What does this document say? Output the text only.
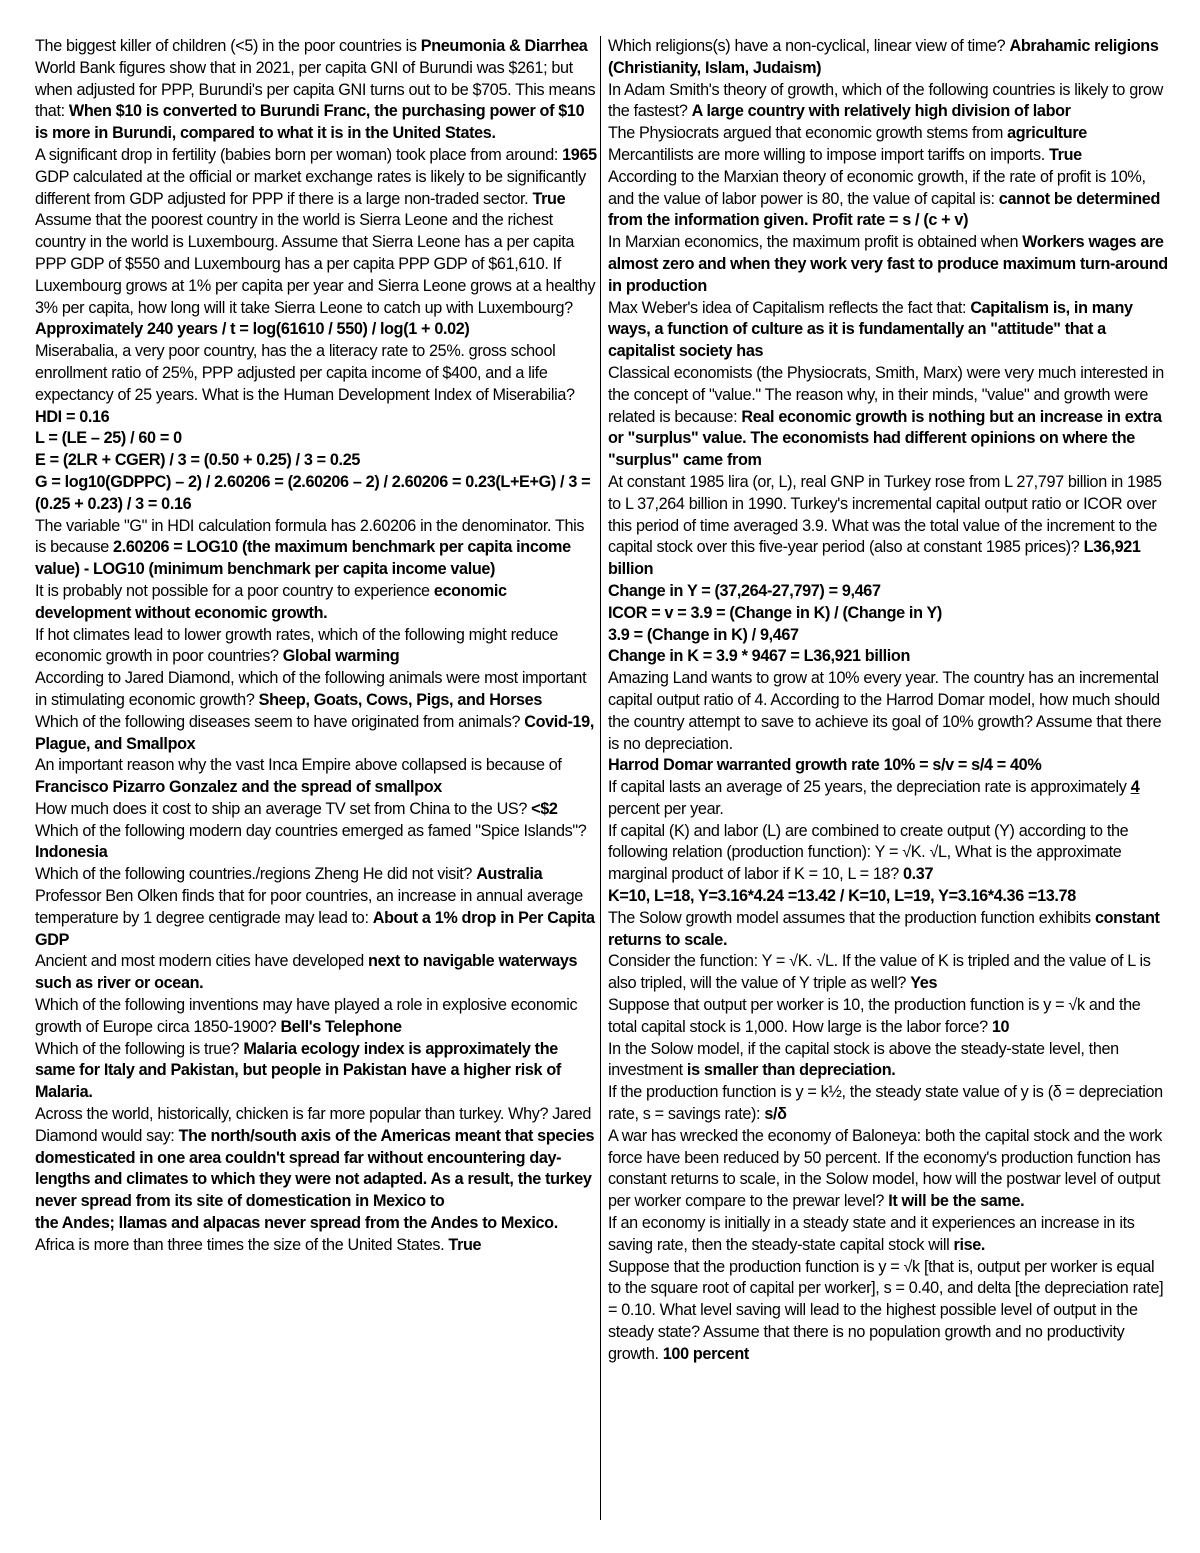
The biggest killer of children (<5) in the poor countries is Pneumonia & Diarrhea

World Bank figures show that in 2021, per capita GNI of Burundi was $261; but when adjusted for PPP, Burundi's per capita GNI turns out to be $705. This means that: When $10 is converted to Burundi Franc, the purchasing power of $10 is more in Burundi, compared to what it is in the United States.

A significant drop in fertility (babies born per woman) took place from around: 1965

GDP calculated at the official or market exchange rates is likely to be significantly different from GDP adjusted for PPP if there is a large non-traded sector. True

Assume that the poorest country in the world is Sierra Leone and the richest country in the world is Luxembourg. Assume that Sierra Leone has a per capita PPP GDP of $550 and Luxembourg has a per capita PPP GDP of $61,610. If Luxembourg grows at 1% per capita per year and Sierra Leone grows at a healthy 3% per capita, how long will it take Sierra Leone to catch up with Luxembourg? Approximately 240 years / t = log(61610 / 550) / log(1 + 0.02)

Miserabalia, a very poor country, has the a literacy rate to 25%. gross school enrollment ratio of 25%, PPP adjusted per capita income of $400, and a life expectancy of 25 years. What is the Human Development Index of Miserabilia? HDI = 0.16

L = (LE – 25) / 60 = 0

E = (2LR + CGER) / 3 = (0.50 + 0.25) / 3 = 0.25

G = log10(GDPPC) – 2) / 2.60206 = (2.60206 – 2) / 2.60206 = 0.23(L+E+G) / 3 = (0.25 + 0.23) / 3 = 0.16

The variable "G" in HDI calculation formula has 2.60206 in the denominator. This is because 2.60206 = LOG10 (the maximum benchmark per capita income value) - LOG10 (minimum benchmark per capita income value)

It is probably not possible for a poor country to experience economic development without economic growth.

If hot climates lead to lower growth rates, which of the following might reduce economic growth in poor countries? Global warming

According to Jared Diamond, which of the following animals were most important in stimulating economic growth? Sheep, Goats, Cows, Pigs, and Horses

Which of the following diseases seem to have originated from animals? Covid-19, Plague, and Smallpox

An important reason why the vast Inca Empire above collapsed is because of Francisco Pizarro Gonzalez and the spread of smallpox

How much does it cost to ship an average TV set from China to the US? <$2

Which of the following modern day countries emerged as famed "Spice Islands"? Indonesia

Which of the following countries./regions Zheng He did not visit? Australia

Professor Ben Olken finds that for poor countries, an increase in annual average temperature by 1 degree centigrade may lead to: About a 1% drop in Per Capita GDP

Ancient and most modern cities have developed next to navigable waterways such as river or ocean.

Which of the following inventions may have played a role in explosive economic growth of Europe circa 1850-1900? Bell's Telephone

Which of the following is true? Malaria ecology index is approximately the same for Italy and Pakistan, but people in Pakistan have a higher risk of Malaria.

Across the world, historically, chicken is far more popular than turkey. Why? Jared Diamond would say: The north/south axis of the Americas meant that species domesticated in one area couldn't spread far without encountering day-lengths and climates to which they were not adapted. As a result, the turkey never spread from its site of domestication in Mexico to

the Andes; llamas and alpacas never spread from the Andes to Mexico.

Africa is more than three times the size of the United States. True

Which religions(s) have a non-cyclical, linear view of time? Abrahamic religions (Christianity, Islam, Judaism)

In Adam Smith's theory of growth, which of the following countries is likely to grow the fastest? A large country with relatively high division of labor

The Physiocrats argued that economic growth stems from agriculture

Mercantilists are more willing to impose import tariffs on imports. True

According to the Marxian theory of economic growth, if the rate of profit is 10%, and the value of labor power is 80, the value of capital is: cannot be determined from the information given. Profit rate = s / (c + v)

In Marxian economics, the maximum profit is obtained when Workers wages are almost zero and when they work very fast to produce maximum turn-around in production

Max Weber's idea of Capitalism reflects the fact that: Capitalism is, in many ways, a function of culture as it is fundamentally an "attitude" that a capitalist society has

Classical economists (the Physiocrats, Smith, Marx) were very much interested in the concept of "value." The reason why, in their minds, "value" and growth were related is because: Real economic growth is nothing but an increase in extra or "surplus" value. The economists had different opinions on where the "surplus" came from

At constant 1985 lira (or, L), real GNP in Turkey rose from L 27,797 billion in 1985 to L 37,264 billion in 1990. Turkey's incremental capital output ratio or ICOR over this period of time averaged 3.9. What was the total value of the increment to the capital stock over this five-year period (also at constant 1985 prices)? L36,921 billion

Change in Y = (37,264-27,797) = 9,467

ICOR = v = 3.9 = (Change in K) / (Change in Y)

3.9 = (Change in K) / 9,467

Change in K = 3.9 * 9467 = L36,921 billion

Amazing Land wants to grow at 10% every year. The country has an incremental capital output ratio of 4. According to the Harrod Domar model, how much should the country attempt to save to achieve its goal of 10% growth? Assume that there is no depreciation.

Harrod Domar warranted growth rate 10% = s/v = s/4 = 40%

If capital lasts an average of 25 years, the depreciation rate is approximately 4 percent per year.

If capital (K) and labor (L) are combined to create output (Y) according to the following relation (production function): Y = √K. √L, What is the approximate marginal product of labor if K = 10, L = 18? 0.37

K=10, L=18, Y=3.16*4.24 =13.42 / K=10, L=19, Y=3.16*4.36 =13.78

The Solow growth model assumes that the production function exhibits constant returns to scale.

Consider the function: Y = √K. √L. If the value of K is tripled and the value of L is also tripled, will the value of Y triple as well? Yes

Suppose that output per worker is 10, the production function is y = √k and the total capital stock is 1,000. How large is the labor force? 10

In the Solow model, if the capital stock is above the steady-state level, then investment is smaller than depreciation.

If the production function is y = k½, the steady state value of y is (δ = depreciation rate, s = savings rate): s/δ

A war has wrecked the economy of Baloneya: both the capital stock and the work force have been reduced by 50 percent. If the economy's production function has constant returns to scale, in the Solow model, how will the postwar level of output per worker compare to the prewar level? It will be the same.

If an economy is initially in a steady state and it experiences an increase in its saving rate, then the steady-state capital stock will rise.

Suppose that the production function is y = √k [that is, output per worker is equal to the square root of capital per worker], s = 0.40, and delta [the depreciation rate] = 0.10. What level saving will lead to the highest possible level of output in the steady state? Assume that there is no population growth and no productivity growth. 100 percent
